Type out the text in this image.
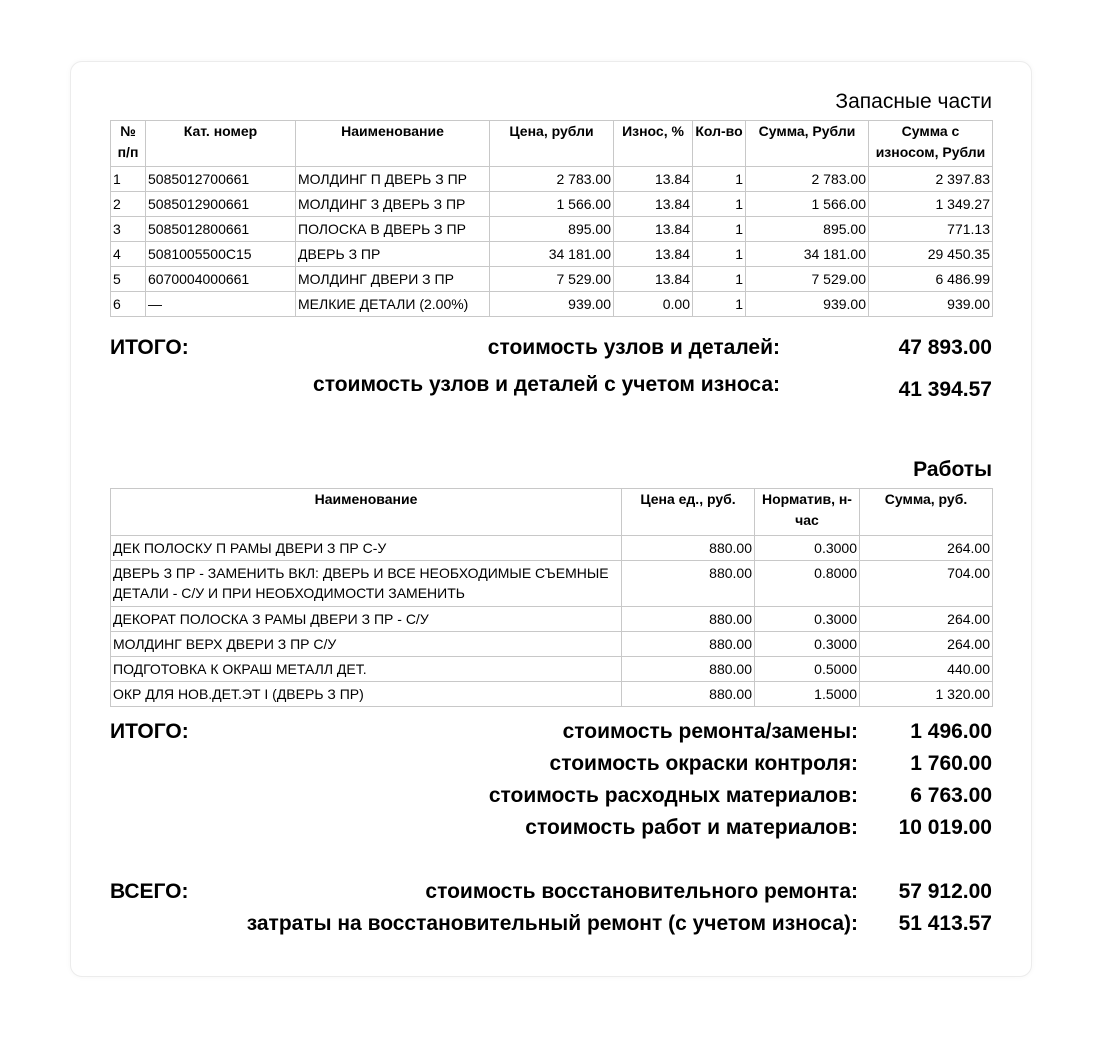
Запасные части
№ п/п	Кат. номер	Наименование	Цена, рубли	Износ, %	Кол-во	Сумма, Рубли	Сумма с износом, Рубли
1	5085012700661	МОЛДИНГ П ДВЕРЬ З ПР	2 783.00	13.84	1	2 783.00	2 397.83
2	5085012900661	МОЛДИНГ З ДВЕРЬ З ПР	1 566.00	13.84	1	1 566.00	1 349.27
3	5085012800661	ПОЛОСКА В ДВЕРЬ З ПР	895.00	13.84	1	895.00	771.13
4	5081005500C15	ДВЕРЬ З ПР	34 181.00	13.84	1	34 181.00	29 450.35
5	6070004000661	МОЛДИНГ ДВЕРИ З ПР	7 529.00	13.84	1	7 529.00	6 486.99
6	—	МЕЛКИЕ ДЕТАЛИ (2.00%)	939.00	0.00	1	939.00	939.00
ИТОГО:	стоимость узлов и деталей:	47 893.00
стоимость узлов и деталей с учетом износа:	41 394.57
Работы
Наименование	Цена ед., руб.	Норматив, н-час	Сумма, руб.
ДЕК ПОЛОСКУ П РАМЫ ДВЕРИ З ПР С-У	880.00	0.3000	264.00
ДВЕРЬ З ПР - ЗАМЕНИТЬ ВКЛ: ДВЕРЬ И ВСЕ НЕОБХОДИМЫЕ СЪЕМНЫЕ ДЕТАЛИ - С/У И ПРИ НЕОБХОДИМОСТИ ЗАМЕНИТЬ	880.00	0.8000	704.00
ДЕКОРАТ ПОЛОСКА З РАМЫ ДВЕРИ З ПР - С/У	880.00	0.3000	264.00
МОЛДИНГ ВЕРХ ДВЕРИ З ПР С/У	880.00	0.3000	264.00
ПОДГОТОВКА К ОКРАШ МЕТАЛЛ ДЕТ.	880.00	0.5000	440.00
ОКР ДЛЯ НОВ.ДЕТ.ЭТ I (ДВЕРЬ З ПР)	880.00	1.5000	1 320.00
ИТОГО:	стоимость ремонта/замены: 1 496.00
стоимость окраски контроля: 1 760.00
стоимость расходных материалов: 6 763.00
стоимость работ и материалов: 10 019.00
ВСЕГО:	стоимость восстановительного ремонта: 57 912.00
затраты на восстановительный ремонт (с учетом износа): 51 413.57
